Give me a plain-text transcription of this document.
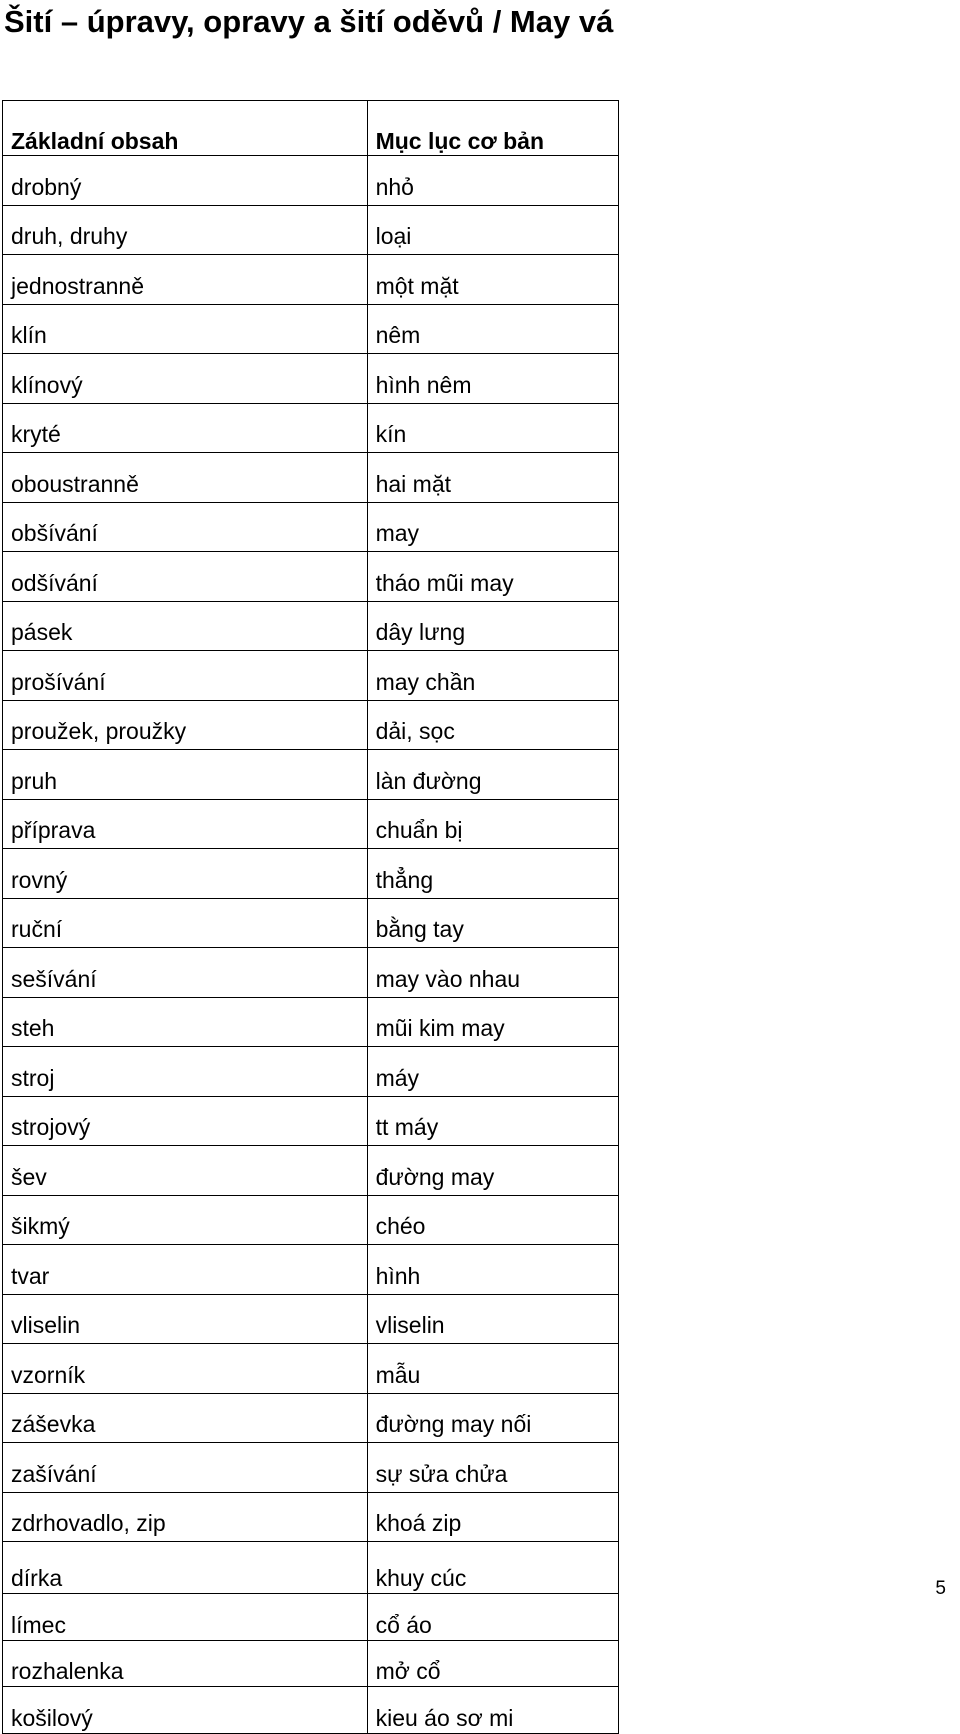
Šití – úpravy, opravy a šití oděvů / May vá
Základní obsah	Mục lục cơ bản
drobný	nhỏ
druh, druhy	loại
jednostranně	một mặt
klín	nêm
klínový	hình nêm
kryté	kín
oboustranně	hai mặt
obšívání	may
odšívání	tháo mũi may
pásek	dây lưng
prošívání	may chần
proužek, proužky	dải, sọc
pruh	làn đường
příprava	chuẩn bị
rovný	thẳng
ruční	bằng tay
sešívání	may vào nhau
steh	mũi kim may
stroj	máy
strojový	tt máy
šev	đường may
šikmý	chéo
tvar	hình
vliselin	vliselin
vzorník	mẫu
záševka	đường may nối
zašívání	sự sửa chửa
zdrhovadlo, zip	khoá zip
dírka	khuy cúc
límec	cổ áo
rozhalenka	mở cổ
košilový	kieu áo sơ mi
5
